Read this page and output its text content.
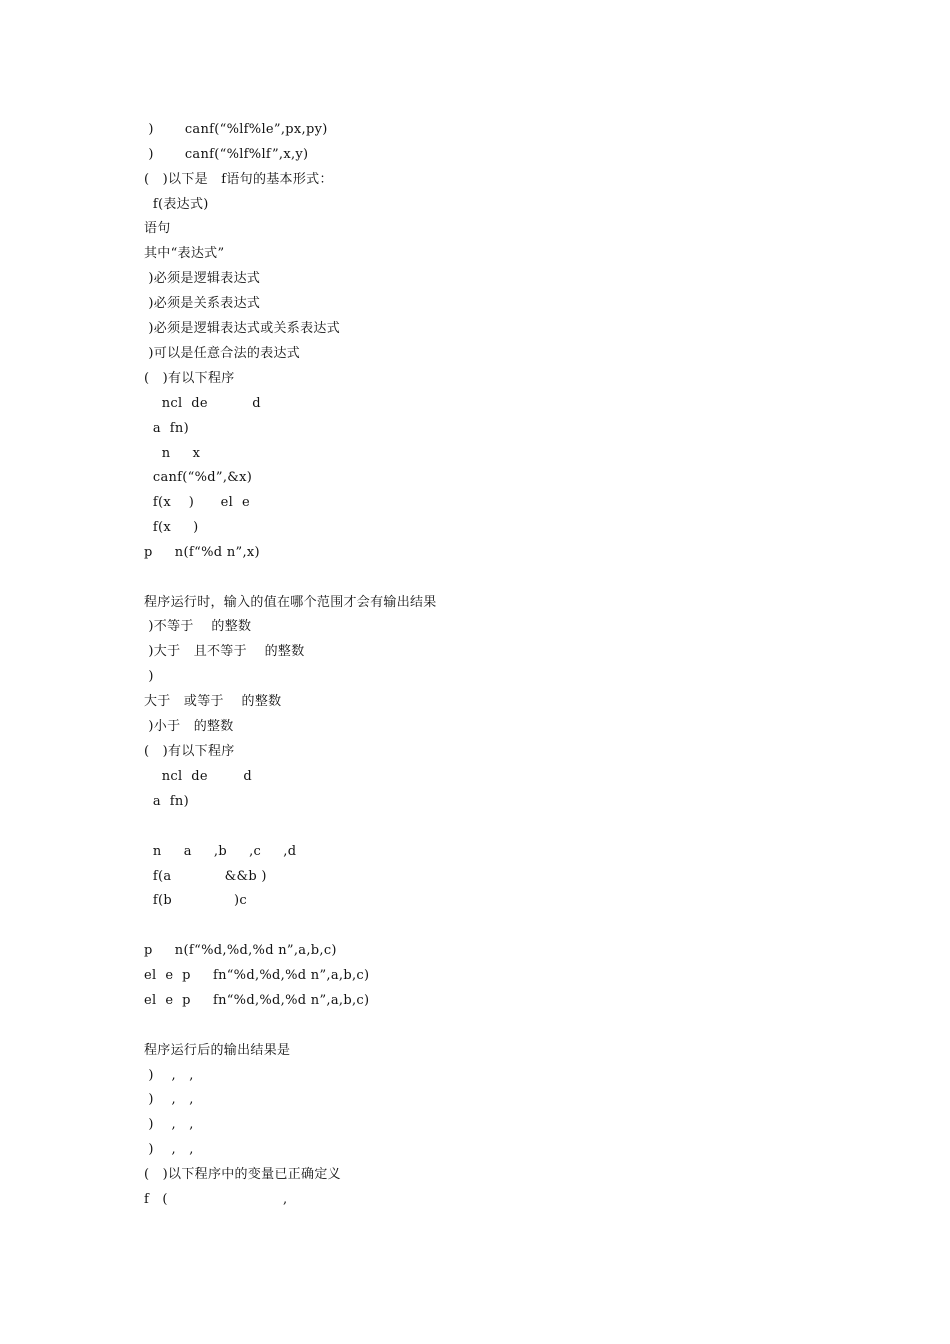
)       canf(“%lf%le”,px,py)
)       canf(“%lf%lf”,x,y)
(   )以下是   f语句的基本形式：
f(表达式)
语句
其中“表达式”
)必须是逻辑表达式
)必须是关系表达式
)必须是逻辑表达式或关系表达式
)可以是任意合法的表达式
(   )有以下程序
ncl  de          d
a  fn)
n     x
canf(“%d”,&x)
f(x    )      el  e
f(x     )
p     n(f“%d n”,x)
程序运行时，输入的值在哪个范围才会有输出结果
)不等于    的整数
)大于   且不等于    的整数
)
大于   或等于    的整数
)小于   的整数
(   )有以下程序
ncl  de        d
a  fn)
n     a     ,b     ,c     ,d
f(a            &&b )
f(b              )c
p     n(f“%d,%d,%d n”,a,b,c)
el  e  p     fn“%d,%d,%d n”,a,b,c)
el  e  p     fn“%d,%d,%d n”,a,b,c)
程序运行后的输出结果是
)    ,   ,
)    ,   ,
)    ,   ,
)    ,   ,
(   )以下程序中的变量已正确定义
f   (                          ,
